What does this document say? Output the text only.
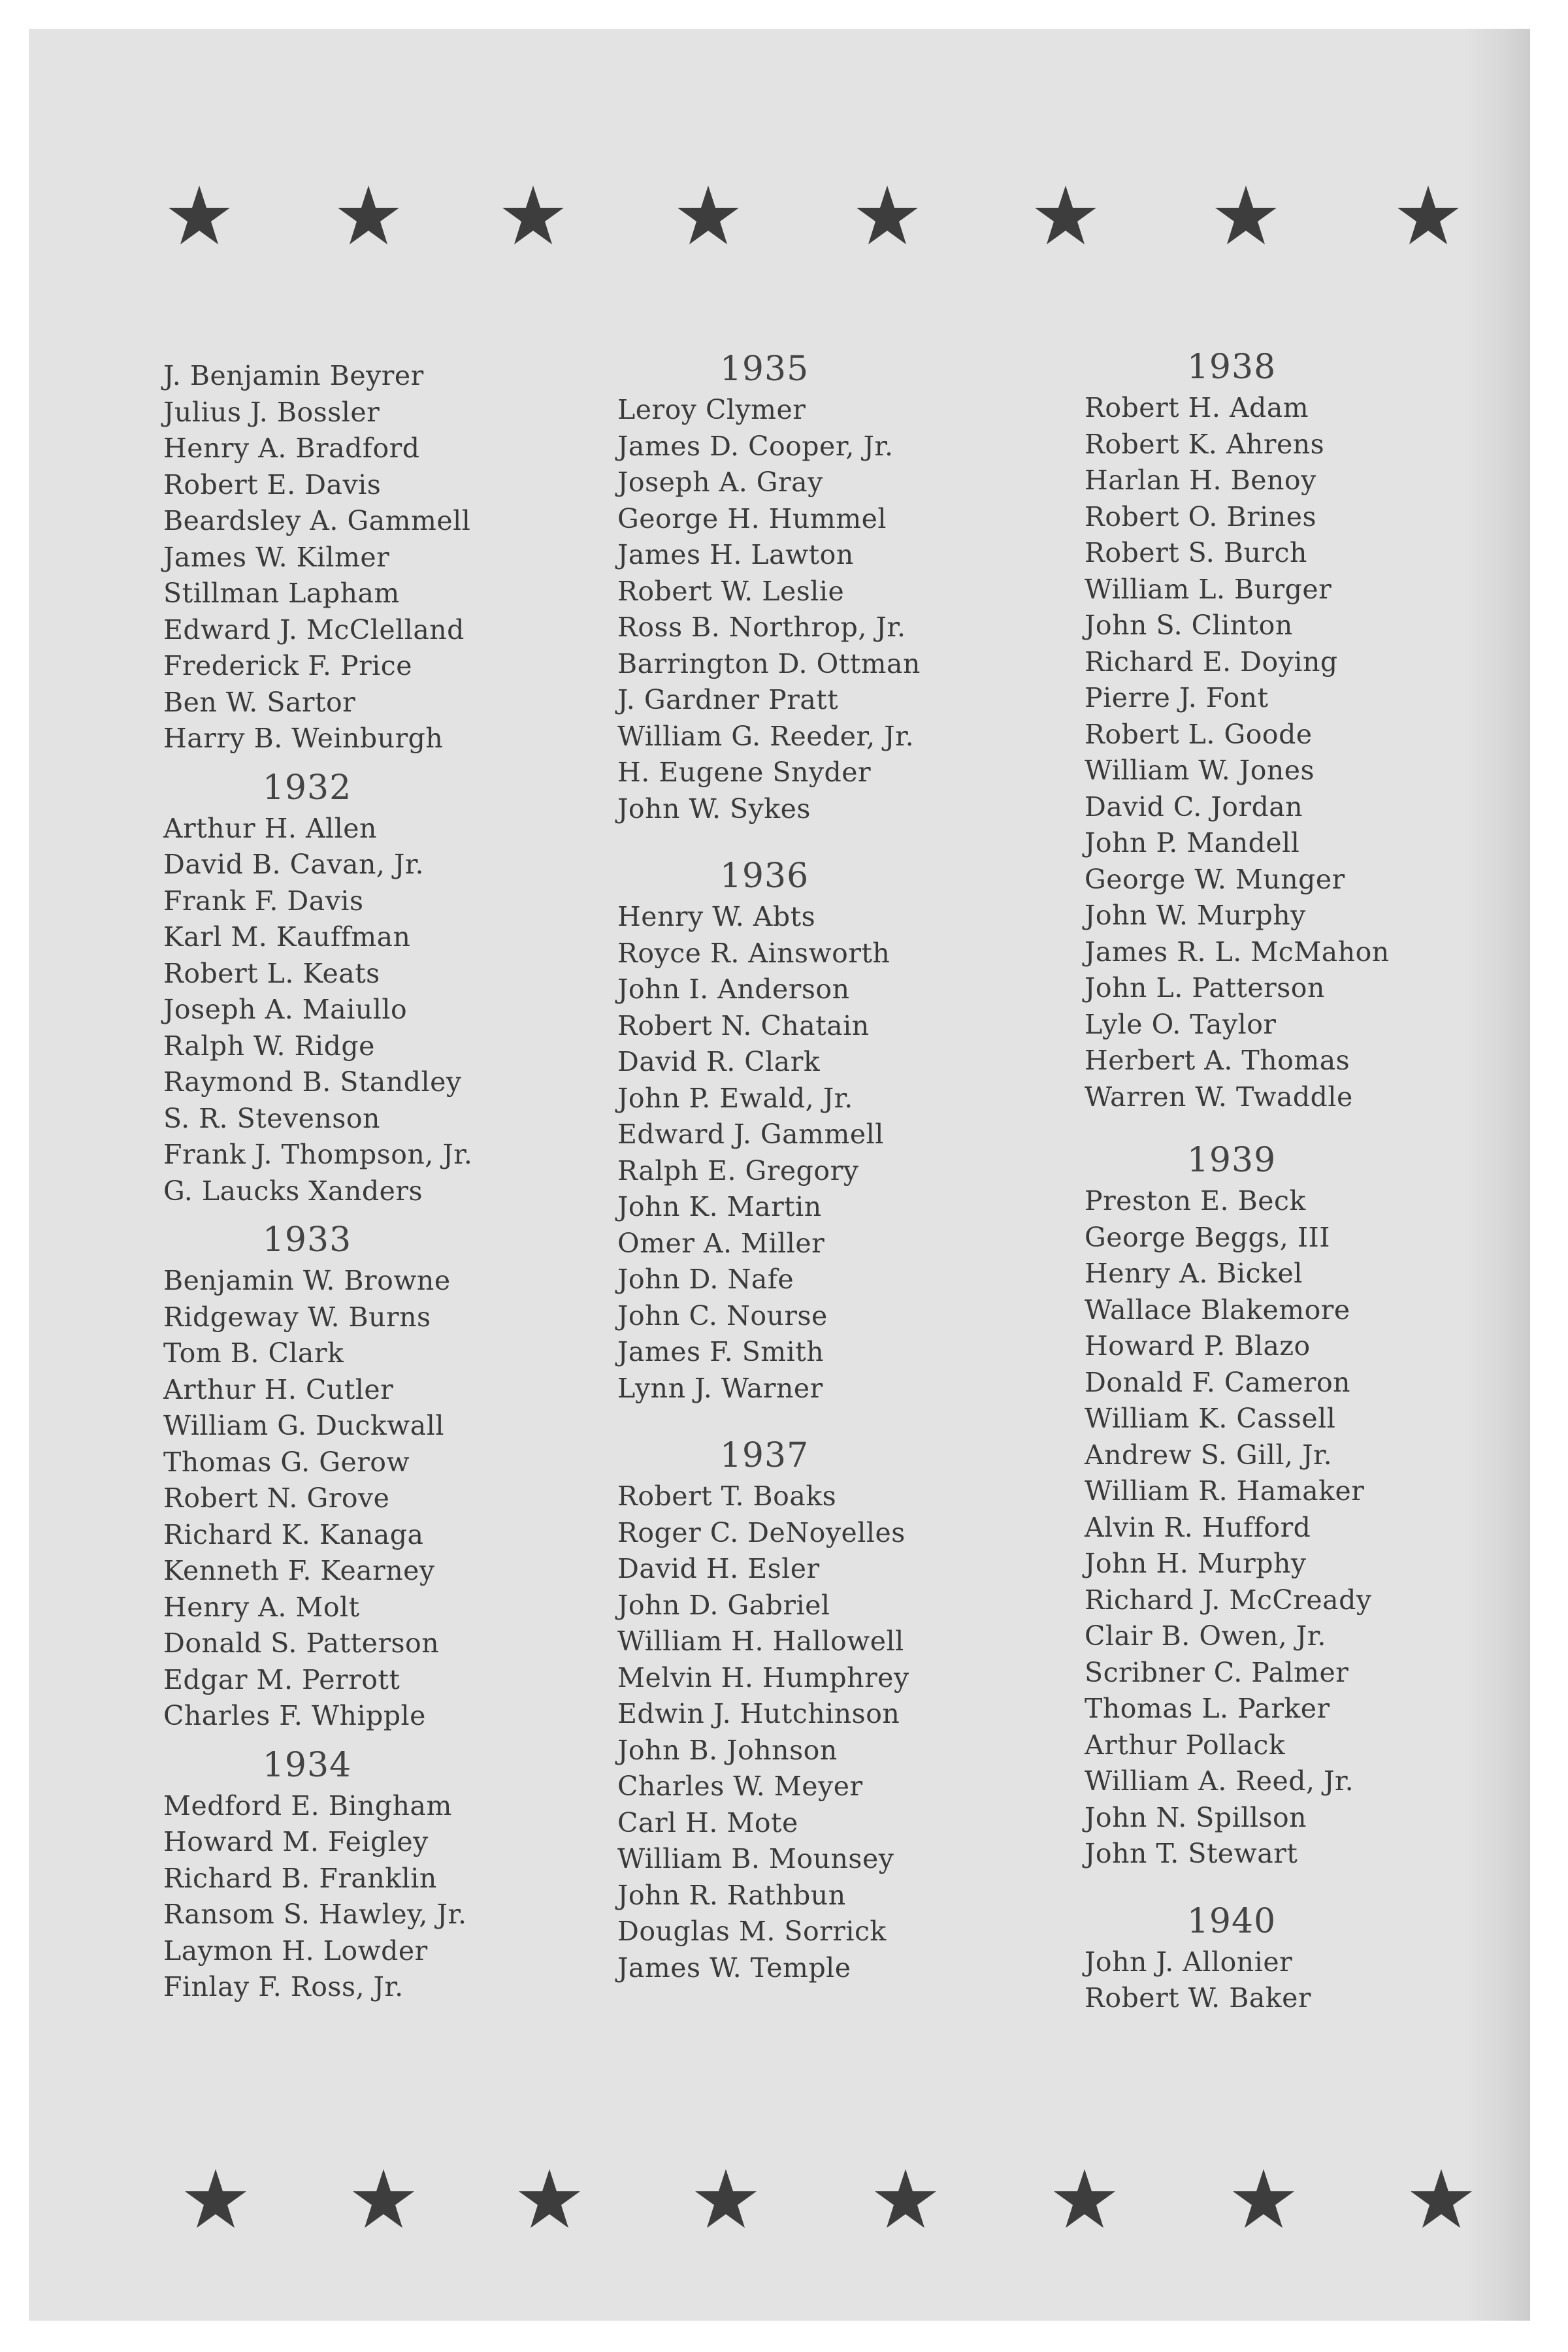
J. Benjamin Beyrer
Julius J. Bossler
Henry A. Bradford
Robert E. Davis
Beardsley A. Gammell
James W. Kilmer
Stillman Lapham
Edward J. McClelland
Frederick F. Price
Ben W. Sartor
Harry B. Weinburgh
1932
Arthur H. Allen
David B. Cavan, Jr.
Frank F. Davis
Karl M. Kauffman
Robert L. Keats
Joseph A. Maiullo
Ralph W. Ridge
Raymond B. Standley
S. R. Stevenson
Frank J. Thompson, Jr.
G. Laucks Xanders
1933
Benjamin W. Browne
Ridgeway W. Burns
Tom B. Clark
Arthur H. Cutler
William G. Duckwall
Thomas G. Gerow
Robert N. Grove
Richard K. Kanaga
Kenneth F. Kearney
Henry A. Molt
Donald S. Patterson
Edgar M. Perrott
Charles F. Whipple
1934
Medford E. Bingham
Howard M. Feigley
Richard B. Franklin
Ransom S. Hawley, Jr.
Laymon H. Lowder
Finlay F. Ross, Jr.
1935
Leroy Clymer
James D. Cooper, Jr.
Joseph A. Gray
George H. Hummel
James H. Lawton
Robert W. Leslie
Ross B. Northrop, Jr.
Barrington D. Ottman
J. Gardner Pratt
William G. Reeder, Jr.
H. Eugene Snyder
John W. Sykes
1936
Henry W. Abts
Royce R. Ainsworth
John I. Anderson
Robert N. Chatain
David R. Clark
John P. Ewald, Jr.
Edward J. Gammell
Ralph E. Gregory
John K. Martin
Omer A. Miller
John D. Nafe
John C. Nourse
James F. Smith
Lynn J. Warner
1937
Robert T. Boaks
Roger C. DeNoyelles
David H. Esler
John D. Gabriel
William H. Hallowell
Melvin H. Humphrey
Edwin J. Hutchinson
John B. Johnson
Charles W. Meyer
Carl H. Mote
William B. Mounsey
John R. Rathbun
Douglas M. Sorrick
James W. Temple
1938
Robert H. Adam
Robert K. Ahrens
Harlan H. Benoy
Robert O. Brines
Robert S. Burch
William L. Burger
John S. Clinton
Richard E. Doying
Pierre J. Font
Robert L. Goode
William W. Jones
David C. Jordan
John P. Mandell
George W. Munger
John W. Murphy
James R. L. McMahon
John L. Patterson
Lyle O. Taylor
Herbert A. Thomas
Warren W. Twaddle
1939
Preston E. Beck
George Beggs, III
Henry A. Bickel
Wallace Blakemore
Howard P. Blazo
Donald F. Cameron
William K. Cassell
Andrew S. Gill, Jr.
William R. Hamaker
Alvin R. Hufford
John H. Murphy
Richard J. McCready
Clair B. Owen, Jr.
Scribner C. Palmer
Thomas L. Parker
Arthur Pollack
William A. Reed, Jr.
John N. Spillson
John T. Stewart
1940
John J. Allonier
Robert W. Baker
